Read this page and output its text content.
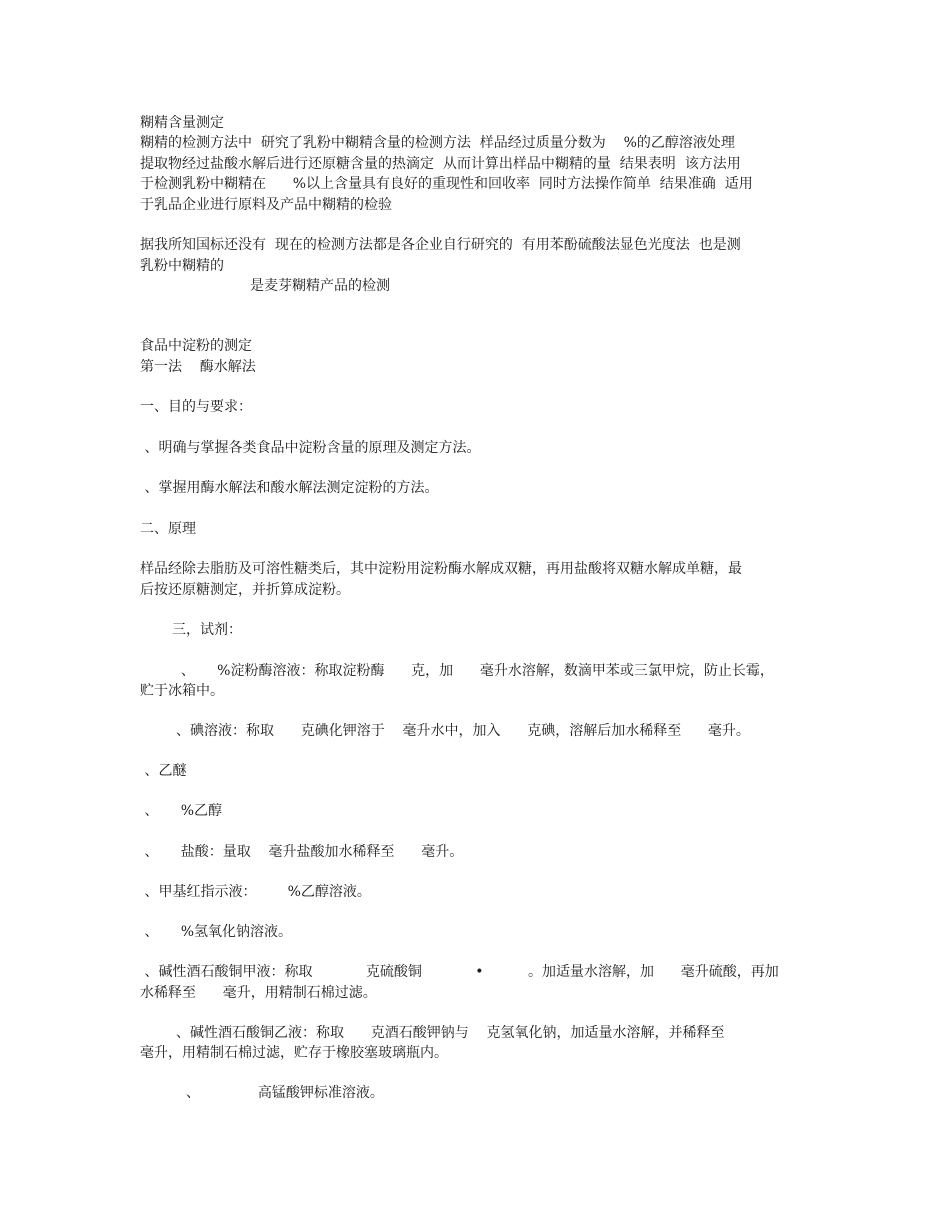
糊精含量测定
糊精的检测方法中  研究了乳粉中糊精含量的检测方法  样品经过质量分数为    %的乙醇溶液处理
提取物经过盐酸水解后进行还原糖含量的热滴定  从而计算出样品中糊精的量  结果表明  该方法用
于检测乳粉中糊精在      %以上含量具有良好的重现性和回收率  同时方法操作简单  结果准确  适用
于乳品企业进行原料及产品中糊精的检验
据我所知国标还没有  现在的检测方法都是各企业自行研究的  有用苯酚硫酸法显色光度法  也是测
乳粉中糊精的
是麦芽糊精产品的检测
食品中淀粉的测定
第一法    酶水解法
一、目的与要求：
、明确与掌握各类食品中淀粉含量的原理及测定方法。
、掌握用酶水解法和酸水解法测定淀粉的方法。
二、原理
样品经除去脂肪及可溶性糖类后，其中淀粉用淀粉酶水解成双糖，再用盐酸将双糖水解成单糖，最
后按还原糖测定，并折算成淀粉。
三，试剂：
、     %淀粉酶溶液：称取淀粉酶      克，加      毫升水溶解，数滴甲苯或三氯甲烷，防止长霉，
贮于冰箱中。
、碘溶液：称取      克碘化钾溶于    毫升水中，加入      克碘，溶解后加水稀释至      毫升。
、乙醚
、     %乙醇
、     盐酸：量取    毫升盐酸加水稀释至      毫升。
、甲基红指示液：       %乙醇溶液。
、     %氢氧化钠溶液。
、碱性酒石酸铜甲液：称取            克硫酸铜            •          。加适量水溶解，加      毫升硫酸，再加
水稀释至      毫升，用精制石棉过滤。
、碱性酒石酸铜乙液：称取      克酒石酸钾钠与    克氢氧化钠，加适量水溶解，并稀释至
毫升，用精制石棉过滤，贮存于橡胶塞玻璃瓶内。
、             高锰酸钾标准溶液。
